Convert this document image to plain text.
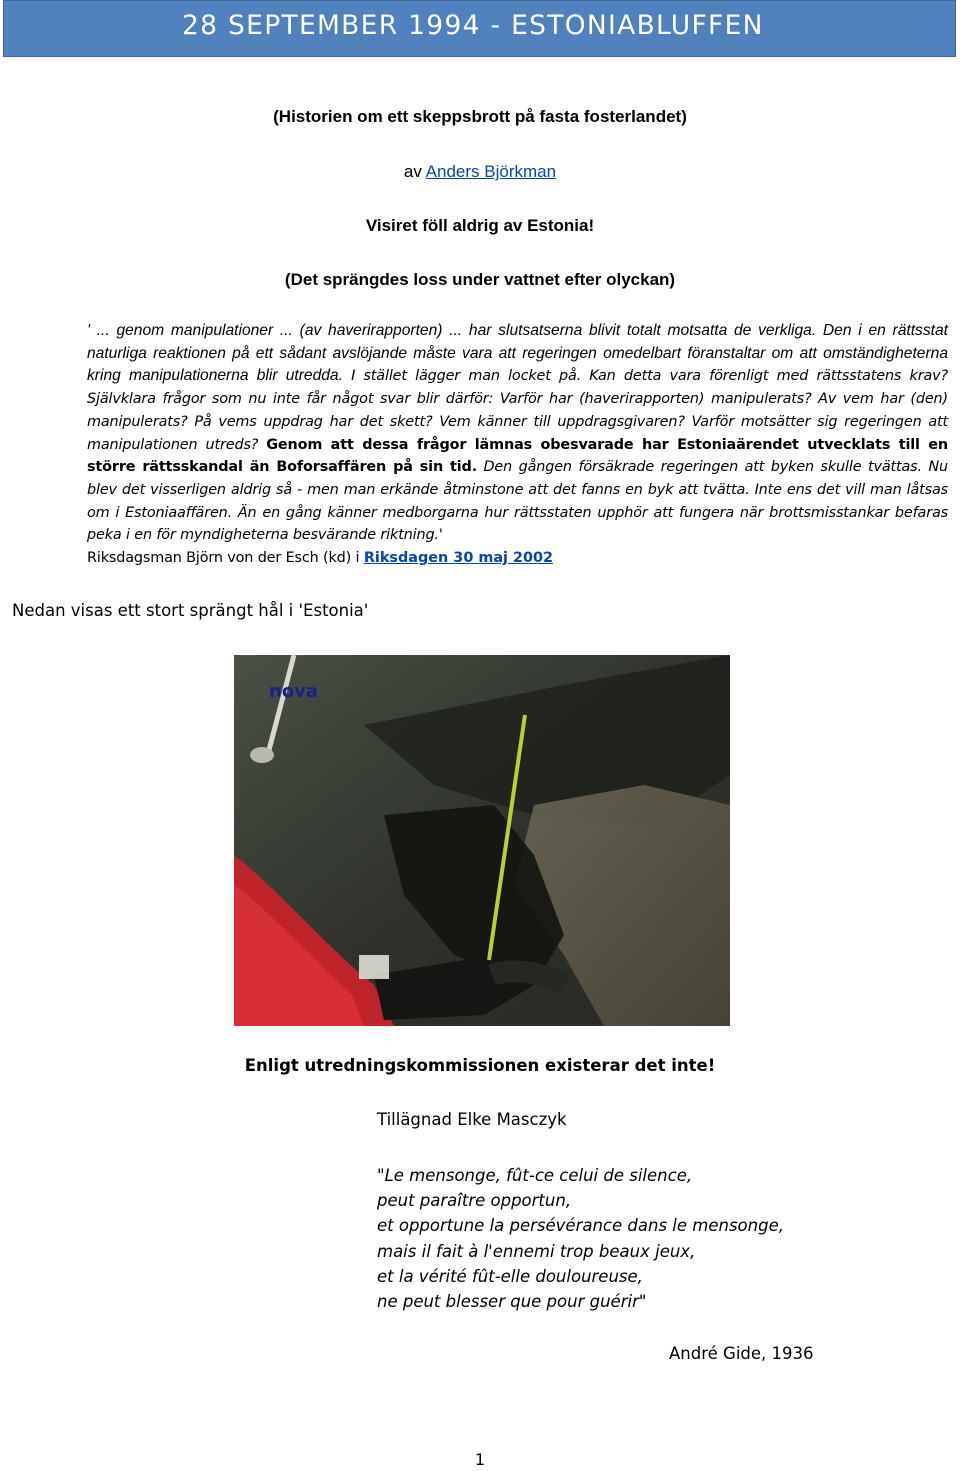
28 SEPTEMBER 1994 - ESTONIABLUFFEN

(Historien om ett skeppsbrott på fasta fosterlandet)

av Anders Björkman

Visiret föll aldrig av Estonia!

(Det sprängdes loss under vattnet efter olyckan)

' ... genom manipulationer ... (av haverirapporten) ... har slutsatserna blivit totalt motsatta de verkliga. Den i en rättsstat naturliga reaktionen på ett sådant avslöjande måste vara att regeringen omedelbart föranstaltar om att omständigheterna kring manipulationerna blir utredda. I stället lägger man locket på. Kan detta vara förenligt med rättsstatens krav? Självklara frågor som nu inte får något svar blir därför: Varför har (haverirapporten) manipulerats? Av vem har (den) manipulerats? På vems uppdrag har det skett? Vem känner till uppdragsgivaren? Varför motsätter sig regeringen att manipulationen utreds? Genom att dessa frågor lämnas obesvarade har Estoniaärendet utvecklats till en större rättsskandal än Boforsaffären på sin tid. Den gången försäkrade regeringen att byken skulle tvättas. Nu blev det visserligen aldrig så - men man erkände åtminstone att det fanns en byk att tvätta. Inte ens det vill man låtsas om i Estoniaaffären. Än en gång känner medborgarna hur rättsstaten upphör att fungera när brottsmisstankar befaras peka i en för myndigheterna besvärande riktning.'
Riksdagsman Björn von der Esch (kd) i Riksdagen 30 maj 2002

Nedan visas ett stort sprängt hål i 'Estonia'
nova

Enligt utredningskommissionen existerar det inte!

Tillägnad Elke Masczyk

"Le mensonge, fût-ce celui de silence,
peut paraître opportun,
et opportune la persévérance dans le mensonge,
mais il fait à l'ennemi trop beaux jeux,
et la vérité fût-elle douloureuse,
ne peut blesser que pour guérir"

André Gide, 1936

1
